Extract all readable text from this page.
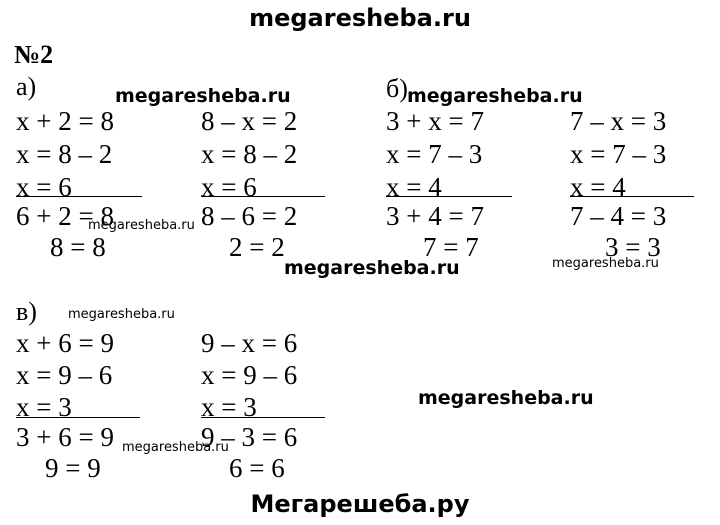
megaresheba.ru
№2
а)
x + 2 = 8
x = 8 – 2
x = 6
6 + 2 = 8
8 = 8
8 – x = 2
x = 8 – 2
x = 6
8 – 6 = 2
2 = 2
б)
3 + x = 7
x = 7 – 3
x = 4
3 + 4 = 7
7 = 7
7 – x = 3
x = 7 – 3
x = 4
7 – 4 = 3
3 = 3
в)
x + 6 = 9
x = 9 – 6
x = 3
3 + 6 = 9
9 = 9
9 – x = 6
x = 9 – 6
x = 3
9 – 3 = 6
6 = 6
megaresheba.ru	megaresheba.ru
megaresheba.ru
megaresheba.ru	megaresheba.ru
megaresheba.ru
megaresheba.ru
megaresheba.ru
Мегарешеба.ру
